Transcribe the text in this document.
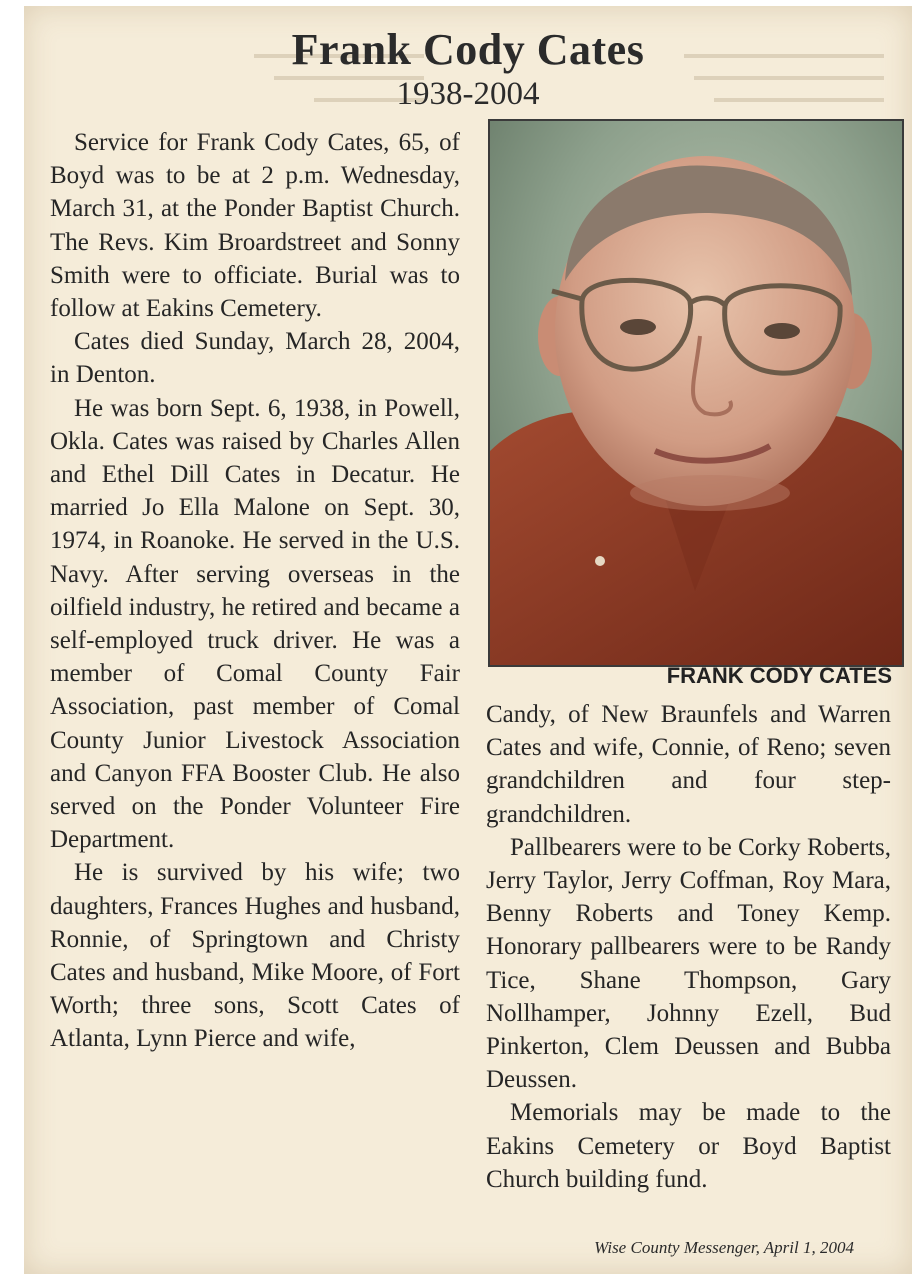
Frank Cody Cates
1938-2004

Service for Frank Cody Cates, 65, of Boyd was to be at 2 p.m. Wednesday, March 31, at the Ponder Baptist Church. The Revs. Kim Broardstreet and Sonny Smith were to officiate. Burial was to follow at Eakins Cemetery.

Cates died Sunday, March 28, 2004, in Denton.

He was born Sept. 6, 1938, in Powell, Okla. Cates was raised by Charles Allen and Ethel Dill Cates in Decatur. He married Jo Ella Malone on Sept. 30, 1974, in Roanoke. He served in the U.S. Navy. After serving overseas in the oilfield industry, he retired and became a self-employed truck driver. He was a member of Comal County Fair Association, past member of Comal County Junior Livestock Association and Canyon FFA Booster Club. He also served on the Ponder Volunteer Fire Department.

He is survived by his wife; two daughters, Frances Hughes and husband, Ronnie, of Springtown and Christy Cates and husband, Mike Moore, of Fort Worth; three sons, Scott Cates of Atlanta, Lynn Pierce and wife,

FRANK CODY CATES

Candy, of New Braunfels and Warren Cates and wife, Connie, of Reno; seven grandchildren and four step-grandchildren.

Pallbearers were to be Corky Roberts, Jerry Taylor, Jerry Coffman, Roy Mara, Benny Roberts and Toney Kemp. Honorary pallbearers were to be Randy Tice, Shane Thompson, Gary Nollhamper, Johnny Ezell, Bud Pinkerton, Clem Deussen and Bubba Deussen.

Memorials may be made to the Eakins Cemetery or Boyd Baptist Church building fund.

Wise County Messenger, April 1, 2004
